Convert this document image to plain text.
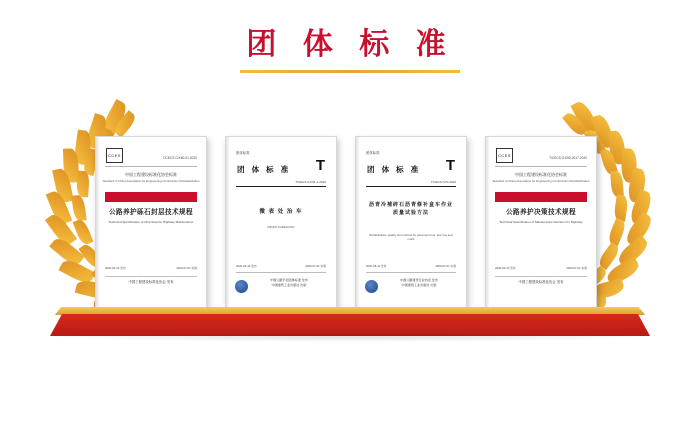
团 体 标 准
CCES	T/CECS G:K60-01-2020
中国工程建设标准化协会标准
Standard of China Association for Engineering Construction Standardization
公路养护砾石封层技术规程
Technical Specification of Chip Seal for Highway Maintenance
2020-04-10 发布	2020-07-01 实施
中国工程建设标准化协会 发布
团体标准
T
团 体 标 准
T/CECS G:K51-1-2020
微 表 处 治 车
MICRO SURFACING
2020-04-10 发布	2020-07-01 实施
中国公路学会团体标准 发布
中国建筑工业出版社 出版
团体标准
T
团 体 标 准
T/CECS G70-2020
沥青冷補碎石沥青修补盒车作业质量试验方法
Rehabilitation quality test method for pavement bus, test ring and crack
2020-05-11 发布	2020-07-01 实施
中国公路建设行业协会 发布
中国建筑工业出版社 出版
CCES	T/CECS G:K50-2017-2020
中国工程建设标准化协会标准
Standard of China Association for Engineering Construction Standardization
公路养护决策技术规程
Technical Specification of Maintenance Decision for Highway
2020-04-10 发布	2020-07-01 实施
中国工程建设标准化协会 发布
